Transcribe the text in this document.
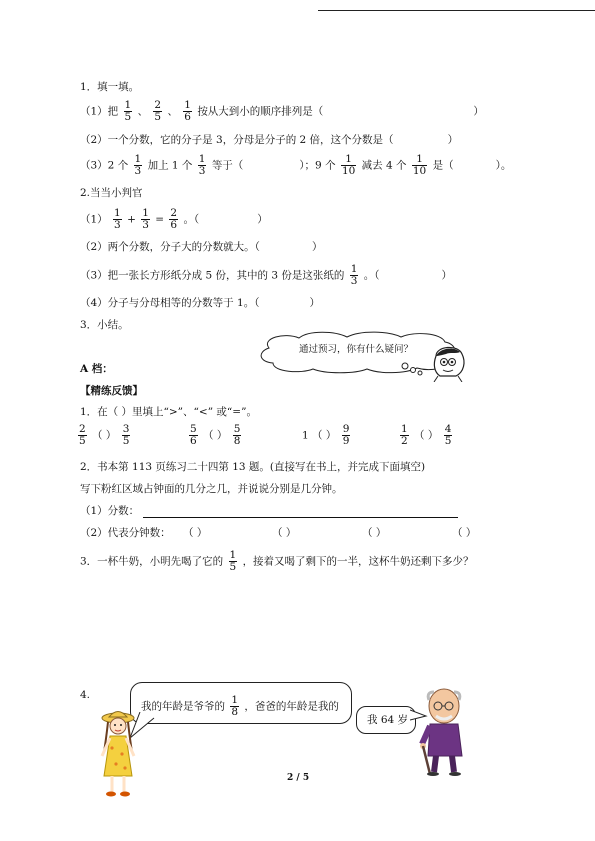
1．填一填。
（1）把 $\frac{1}{5}$ 、 $\frac{2}{5}$ 、 $\frac{1}{6}$ 按从大到小的顺序排列是（	）
（2）一个分数，它的分子是 3，分母是分子的 2 倍，这个分数是（	）
（3）2 个 $\frac{1}{3}$ 加上 1 个 $\frac{1}{3}$ 等于（	）；9 个 $\frac{1}{10}$ 减去 4 个 $\frac{1}{10}$ 是（	）。
2.当当小判官
$(1) \frac{1}{3} + \frac{1}{3} = \frac{2}{6}$ 。（	）
（2）两个分数，分子大的分数就大。（	）
（3）把一张长方形纸分成 5 份，其中的 3 份是这张纸的 $\frac{1}{3}$ 。（	）
（4）分子与分母相等的分数等于 1。（	）
3．小结。
通过预习，你有什么疑问？
A 档：
【精练反馈】
1．在（ ）里填上“>”、“<” 或“=”。
$\frac{2}{5}$ （ ） $\frac{3}{5}$	$\frac{5}{6}$ （ ） $\frac{5}{8}$	1 （ ） $\frac{9}{9}$	$\frac{1}{2}$ （ ） $\frac{4}{5}$
2．书本第 113 页练习二十四第 13 题。(直接写在书上，并完成下面填空)
写下粉红区域占钟面的几分之几，并说说分别是几分钟。
（1）分数：
（2）代表分钟数： （ ）	（ ）	（ ）	（ ）
3．一杯牛奶，小明先喝了它的 $\frac{1}{5}$ ，接着又喝了剩下的一半，这杯牛奶还剩下多少？
4.
我的年龄是爷爷的 $\frac{1}{8}$ ，爸爸的年龄是我的
我 64 岁
2 / 5
